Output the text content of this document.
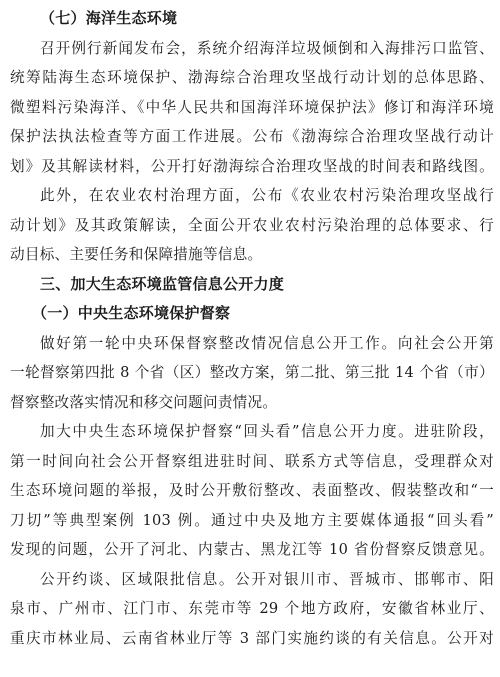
（七）海洋生态环境
召开例行新闻发布会，系统介绍海洋垃圾倾倒和入海排污口监管、
统筹陆海生态环境保护、渤海综合治理攻坚战行动计划的总体思路、
微塑料污染海洋、《中华人民共和国海洋环境保护法》修订和海洋环境
保护法执法检查等方面工作进展。公布《渤海综合治理攻坚战行动计
划》及其解读材料，公开打好渤海综合治理攻坚战的时间表和路线图。
此外，在农业农村治理方面，公布《农业农村污染治理攻坚战行
动计划》及其政策解读，全面公开农业农村污染治理的总体要求、行
动目标、主要任务和保障措施等信息。
三、加大生态环境监管信息公开力度
（一）中央生态环境保护督察
做好第一轮中央环保督察整改情况信息公开工作。向社会公开第
一轮督察第四批 8 个省（区）整改方案，第二批、第三批 14 个省（市）
督察整改落实情况和移交问题问责情况。
加大中央生态环境保护督察“回头看”信息公开力度。进驻阶段，
第一时间向社会公开督察组进驻时间、联系方式等信息，受理群众对
生态环境问题的举报，及时公开敷衍整改、表面整改、假装整改和“一
刀切”等典型案例 103 例。通过中央及地方主要媒体通报“回头看”
发现的问题，公开了河北、内蒙古、黑龙江等 10 省份督察反馈意见。
公开约谈、区域限批信息。公开对银川市、晋城市、邯郸市、阳
泉市、广州市、江门市、东莞市等 29 个地方政府，安徽省林业厅、
重庆市林业局、云南省林业厅等 3 部门实施约谈的有关信息。公开对
